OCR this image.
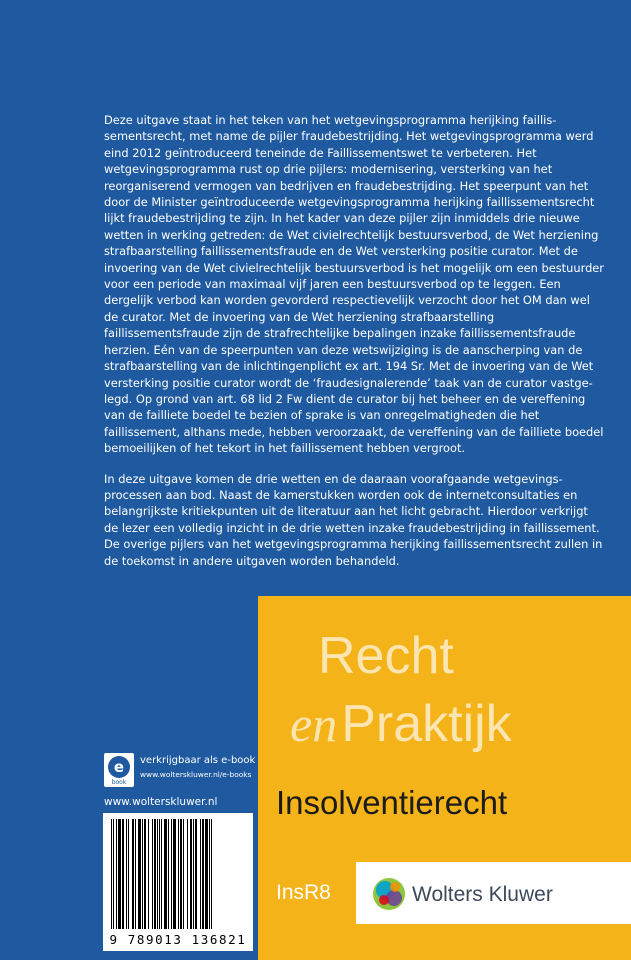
Deze uitgave staat in het teken van het wetgevingsprogramma herijking faillissementsrecht, met name de pijler fraudebestrijding. Het wetgevingsprogramma werd eind 2012 geïntroduceerd teneinde de Faillissementswet te verbeteren. Het wetgevingsprogramma rust op drie pijlers: modernisering, versterking van het reorganiserend vermogen van bedrijven en fraudebestrijding. Het speerpunt van het door de Minister geïntroduceerde wetgevingsprogramma herijking faillissementsrecht lijkt fraudebestrijding te zijn. In het kader van deze pijler zijn inmiddels drie nieuwe wetten in werking getreden: de Wet civielrechtelijk bestuursverbod, de Wet herziening strafbaarstelling faillissementsfraude en de Wet versterking positie curator. Met de invoering van de Wet civielrechtelijk bestuursverbod is het mogelijk om een bestuurder voor een periode van maximaal vijf jaren een bestuursverbod op te leggen. Een dergelijk verbod kan worden gevorderd respectievelijk verzocht door het OM dan wel de curator. Met de invoering van de Wet herziening strafbaarstelling faillissementsfraude zijn de strafrechtelijke bepalingen inzake faillissementsfraude herzien. Eén van de speerpunten van deze wetswijziging is de aanscherping van de strafbaarstelling van de inlichtingenplicht ex art. 194 Sr. Met de invoering van de Wet versterking positie curator wordt de ‘fraudesignalerende’ taak van de curator vastgelegd. Op grond van art. 68 lid 2 Fw dient de curator bij het beheer en de vereffening van de failliete boedel te bezien of sprake is van onregelmatigheden die het faillissement, althans mede, hebben veroorzaakt, de vereffening van de failliete boedel bemoeilijken of het tekort in het faillissement hebben vergroot.

In deze uitgave komen de drie wetten en de daaraan voorafgaande wetgevingsprocessen aan bod. Naast de kamerstukken worden ook de internetconsultaties en belangrijkste kritiekpunten uit de literatuur aan het licht gebracht. Hierdoor verkrijgt de lezer een volledig inzicht in de drie wetten inzake fraudebestrijding in faillissement. De overige pijlers van het wetgevingsprogramma herijking faillissementsrecht zullen in de toekomst in andere uitgaven worden behandeld.

e
book
verkrijgbaar als e-book
www.wolterskluwer.nl/e-books
www.wolterskluwer.nl
9 789013 136821
Recht
enPraktijk
Insolventierecht
InsR8	Wolters Kluwer
